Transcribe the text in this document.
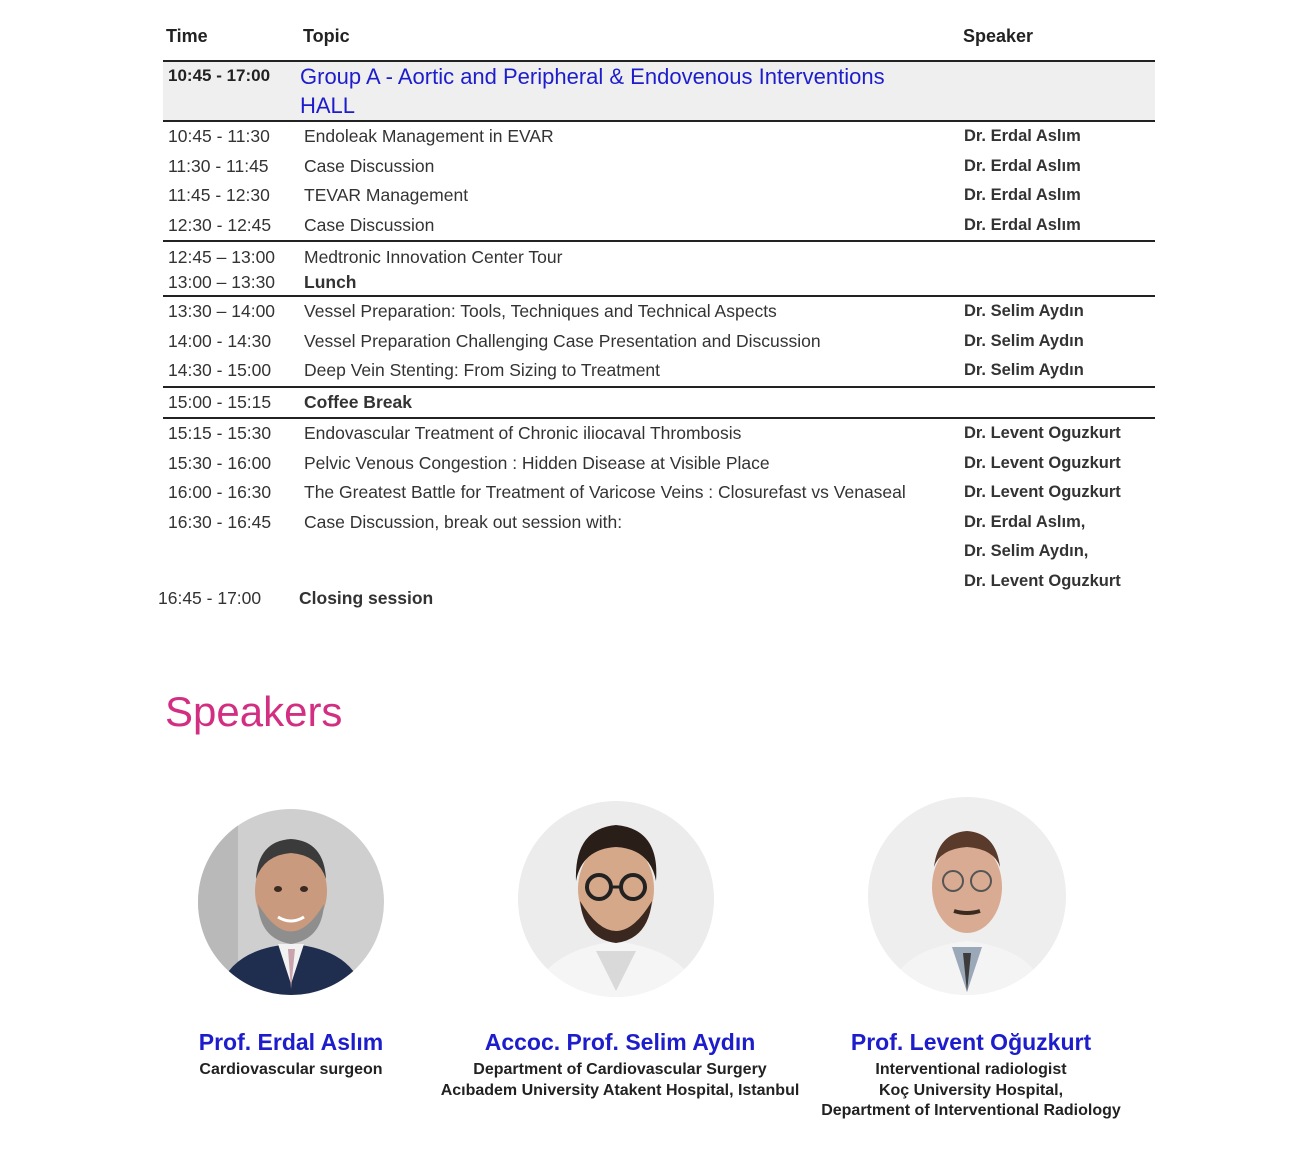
Time	Topic	Speaker
10:45 - 17:00 Group A - Aortic and Peripheral & Endovenous Interventions
HALL
10:45 - 11:30	Endoleak Management in EVAR	Dr. Erdal Aslım
11:30 - 11:45	Case Discussion	Dr. Erdal Aslım
11:45 - 12:30	TEVAR Management	Dr. Erdal Aslım
12:30 - 12:45	Case Discussion	Dr. Erdal Aslım
12:45 – 13:00	Medtronic Innovation Center Tour
13:00 – 13:30	Lunch
13:30 – 14:00	Vessel Preparation: Tools, Techniques and Technical Aspects	Dr. Selim Aydın
14:00 - 14:30	Vessel Preparation Challenging Case Presentation and Discussion	Dr. Selim Aydın
14:30 - 15:00	Deep Vein Stenting: From Sizing to Treatment	Dr. Selim Aydın
15:00 - 15:15	Coffee Break
15:15 - 15:30	Endovascular Treatment of Chronic iliocaval Thrombosis	Dr. Levent Oguzkurt
15:30 - 16:00	Pelvic Venous Congestion : Hidden Disease at Visible Place	Dr. Levent Oguzkurt
16:00 - 16:30	The Greatest Battle for Treatment of Varicose Veins : Closurefast vs Venaseal	Dr. Levent Oguzkurt
16:30 - 16:45	Case Discussion, break out session with:	Dr. Erdal Aslım,
Dr. Selim Aydın,
Dr. Levent Oguzkurt
16:45 - 17:00	Closing session
Speakers
Prof. Erdal Aslım
Cardiovascular surgeon
Accoc. Prof. Selim Aydın
Department of Cardiovascular Surgery
Acıbadem University Atakent Hospital, Istanbul
Prof. Levent Oğuzkurt
Interventional radiologist
Koç University Hospital,
Department of Interventional Radiology
